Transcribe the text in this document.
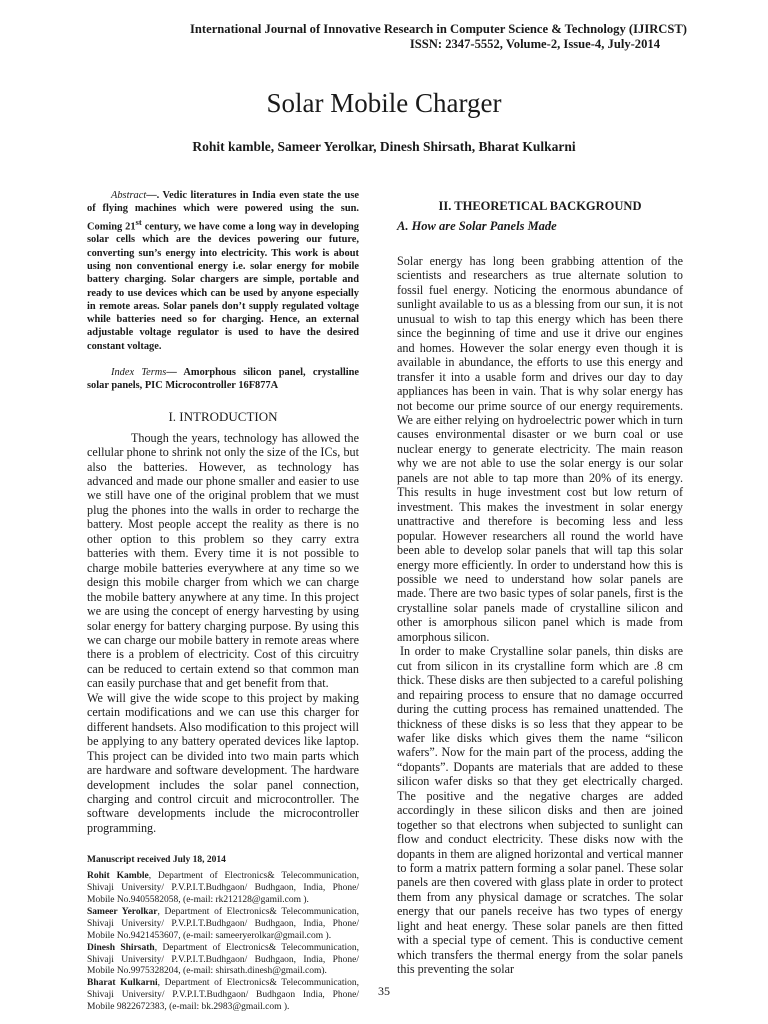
International Journal of Innovative Research in Computer Science & Technology (IJIRCST)
ISSN: 2347-5552, Volume-2, Issue-4, July-2014
Solar Mobile Charger
Rohit kamble, Sameer Yerolkar, Dinesh Shirsath, Bharat Kulkarni

Abstract—. Vedic literatures in India even state the use of flying machines which were powered using the sun. Coming 21st century, we have come a long way in developing solar cells which are the devices powering our future, converting sun’s energy into electricity. This work is about using non conventional energy i.e. solar energy for mobile battery charging. Solar chargers are simple, portable and ready to use devices which can be used by anyone especially in remote areas. Solar panels don’t supply regulated voltage while batteries need so for charging. Hence, an external adjustable voltage regulator is used to have the desired constant voltage.

Index Terms— Amorphous silicon panel, crystalline solar panels, PIC Microcontroller 16F877A

I. INTRODUCTION

Though the years, technology has allowed the cellular phone to shrink not only the size of the ICs, but also the batteries. However, as technology has advanced and made our phone smaller and easier to use we still have one of the original problem that we must plug the phones into the walls in order to recharge the battery. Most people accept the reality as there is no other option to this problem so they carry extra batteries with them. Every time it is not possible to charge mobile batteries everywhere at any time so we design this mobile charger from which we can charge the mobile battery anywhere at any time. In this project we are using the concept of energy harvesting by using solar energy for battery charging purpose. By using this we can charge our mobile battery in remote areas where there is a problem of electricity. Cost of this circuitry can be reduced to certain extend so that common man can easily purchase that and get benefit from that.

We will give the wide scope to this project by making certain modifications and we can use this charger for different handsets. Also modification to this project will be applying to any battery operated devices like laptop. This project can be divided into two main parts which are hardware and software development. The hardware development includes the solar panel connection, charging and control circuit and microcontroller. The software developments include the microcontroller programming.

Manuscript received July 18, 2014
Rohit Kamble, Department of Electronics& Telecommunication, Shivaji University/ P.V.P.I.T.Budhgaon/ Budhgaon, India, Phone/ Mobile No.9405582058, (e-mail: rk212128@gamil.com ).
Sameer Yerolkar, Department of Electronics& Telecommunication, Shivaji University/ P.V.P.I.T.Budhgaon/ Budhgaon, India, Phone/ Mobile No.9421453607, (e-mail: sameeryerolkar@gmail.com ).
Dinesh Shirsath, Department of Electronics& Telecommunication, Shivaji University/ P.V.P.I.T.Budhgaon/ Budhgaon, India, Phone/ Mobile No.9975328204, (e-mail: shirsath.dinesh@gmail.com).
Bharat Kulkarni, Department of Electronics& Telecommunication, Shivaji University/ P.V.P.I.T.Budhgaon/ Budhgaon India, Phone/ Mobile 9822672383, (e-mail: bk.2983@gmail.com ).
II. THEORETICAL BACKGROUND
A. How are Solar Panels Made

Solar energy has long been grabbing attention of the scientists and researchers as true alternate solution to fossil fuel energy. Noticing the enormous abundance of sunlight available to us as a blessing from our sun, it is not unusual to wish to tap this energy which has been there since the beginning of time and use it drive our engines and homes. However the solar energy even though it is available in abundance, the efforts to use this energy and transfer it into a usable form and drives our day to day appliances has been in vain. That is why solar energy has not become our prime source of our energy requirements. We are either relying on hydroelectric power which in turn causes environmental disaster or we burn coal or use nuclear energy to generate electricity. The main reason why we are not able to use the solar energy is our solar panels are not able to tap more than 20% of its energy. This results in huge investment cost but low return of investment. This makes the investment in solar energy unattractive and therefore is becoming less and less popular. However researchers all round the world have been able to develop solar panels that will tap this solar energy more efficiently. In order to understand how this is possible we need to understand how solar panels are made. There are two basic types of solar panels, first is the crystalline solar panels made of crystalline silicon and other is amorphous silicon panel which is made from amorphous silicon.

In order to make Crystalline solar panels, thin disks are cut from silicon in its crystalline form which are .8 cm thick. These disks are then subjected to a careful polishing and repairing process to ensure that no damage occurred during the cutting process has remained unattended. The thickness of these disks is so less that they appear to be wafer like disks which gives them the name “silicon wafers”. Now for the main part of the process, adding the “dopants”. Dopants are materials that are added to these silicon wafer disks so that they get electrically charged. The positive and the negative charges are added accordingly in these silicon disks and then are joined together so that electrons when subjected to sunlight can flow and conduct electricity. These disks now with the dopants in them are aligned horizontal and vertical manner to form a matrix pattern forming a solar panel. These solar panels are then covered with glass plate in order to protect them from any physical damage or scratches. The solar energy that our panels receive has two types of energy light and heat energy. These solar panels are then fitted with a special type of cement. This is conductive cement which transfers the thermal energy from the solar panels this preventing the solar

35
